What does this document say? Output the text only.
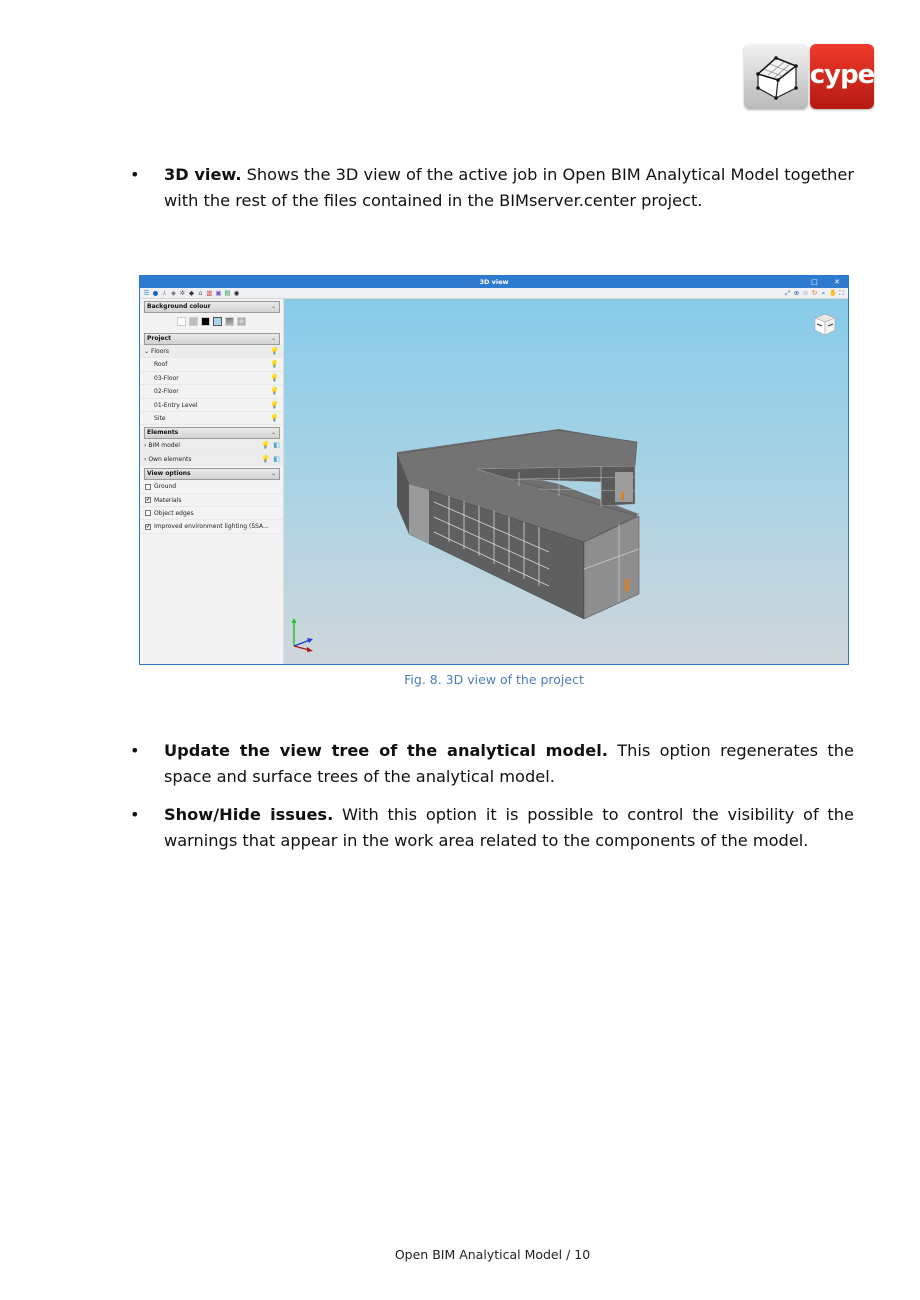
cype
• 3D view. Shows the 3D view of the active job in Open BIM Analytical Model together with the rest of the files contained in the BIMserver.center project.
3D view	□ ✕
☰ ● ⅄ ◈ ✲ ◆ ⌂ ▥ ▣ ▤ ◉	⤢ ⊕ ⊖ ↻ ⌕ ✋ ⛶
Background colour	⌄
Project	⌄
⌄ Floors	💡
Roof	💡
03-Floor	💡
02-Floor	💡
01-Entry Level	💡
Site	💡
Elements	⌄
› BIM model	💡 ◧
› Own elements	💡 ◧
View options	⌄
Ground
✔ Materials
Object edges
✔ Improved environment lighting (SSA...
Fig. 8. 3D view of the project
• Update the view tree of the analytical model. This option regenerates the space and surface trees of the analytical model.
• Show/Hide issues. With this option it is possible to control the visibility of the warnings that appear in the work area related to the components of the model.
Open BIM Analytical Model / 10
